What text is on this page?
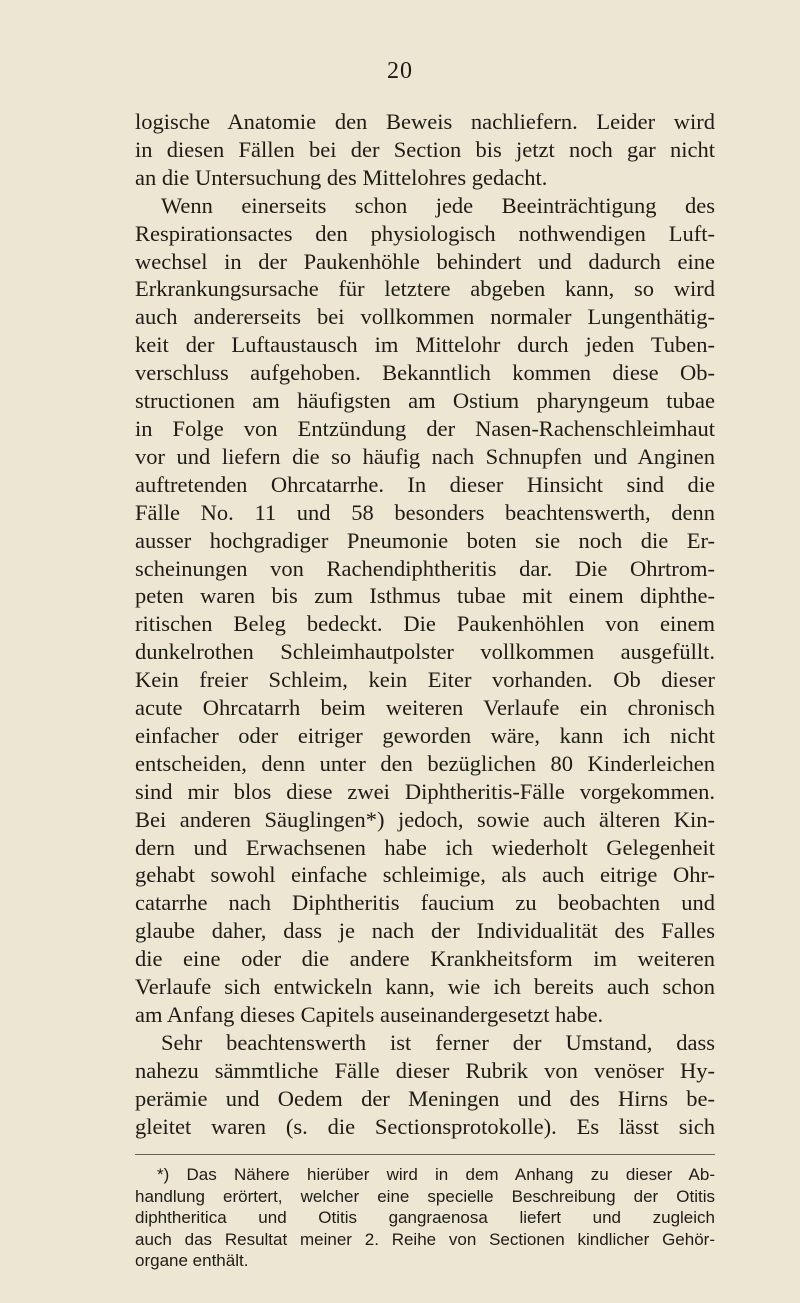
20
logische Anatomie den Beweis nachliefern. Leider wird
in diesen Fällen bei der Section bis jetzt noch gar nicht
an die Untersuchung des Mittelohres gedacht.
Wenn einerseits schon jede Beeinträchtigung des
Respirationsactes den physiologisch nothwendigen Luft-
wechsel in der Paukenhöhle behindert und dadurch eine
Erkrankungsursache für letztere abgeben kann, so wird
auch andererseits bei vollkommen normaler Lungenthätig-
keit der Luftaustausch im Mittelohr durch jeden Tuben-
verschluss aufgehoben. Bekanntlich kommen diese Ob-
structionen am häufigsten am Ostium pharyngeum tubae
in Folge von Entzündung der Nasen-Rachenschleimhaut
vor und liefern die so häufig nach Schnupfen und Anginen
auftretenden Ohrcatarrhe. In dieser Hinsicht sind die
Fälle No. 11 und 58 besonders beachtenswerth, denn
ausser hochgradiger Pneumonie boten sie noch die Er-
scheinungen von Rachendiphtheritis dar. Die Ohrtrom-
peten waren bis zum Isthmus tubae mit einem diphthe-
ritischen Beleg bedeckt. Die Paukenhöhlen von einem
dunkelrothen Schleimhautpolster vollkommen ausgefüllt.
Kein freier Schleim, kein Eiter vorhanden. Ob dieser
acute Ohrcatarrh beim weiteren Verlaufe ein chronisch
einfacher oder eitriger geworden wäre, kann ich nicht
entscheiden, denn unter den bezüglichen 80 Kinderleichen
sind mir blos diese zwei Diphtheritis-Fälle vorgekommen.
Bei anderen Säuglingen*) jedoch, sowie auch älteren Kin-
dern und Erwachsenen habe ich wiederholt Gelegenheit
gehabt sowohl einfache schleimige, als auch eitrige Ohr-
catarrhe nach Diphtheritis faucium zu beobachten und
glaube daher, dass je nach der Individualität des Falles
die eine oder die andere Krankheitsform im weiteren
Verlaufe sich entwickeln kann, wie ich bereits auch schon
am Anfang dieses Capitels auseinandergesetzt habe.
Sehr beachtenswerth ist ferner der Umstand, dass
nahezu sämmtliche Fälle dieser Rubrik von venöser Hy-
perämie und Oedem der Meningen und des Hirns be-
gleitet waren (s. die Sectionsprotokolle). Es lässt sich
*) Das Nähere hierüber wird in dem Anhang zu dieser Ab-
handlung erörtert, welcher eine specielle Beschreibung der Otitis
diphtheritica und Otitis gangraenosa liefert und zugleich
auch das Resultat meiner 2. Reihe von Sectionen kindlicher Gehör-
organe enthält.
